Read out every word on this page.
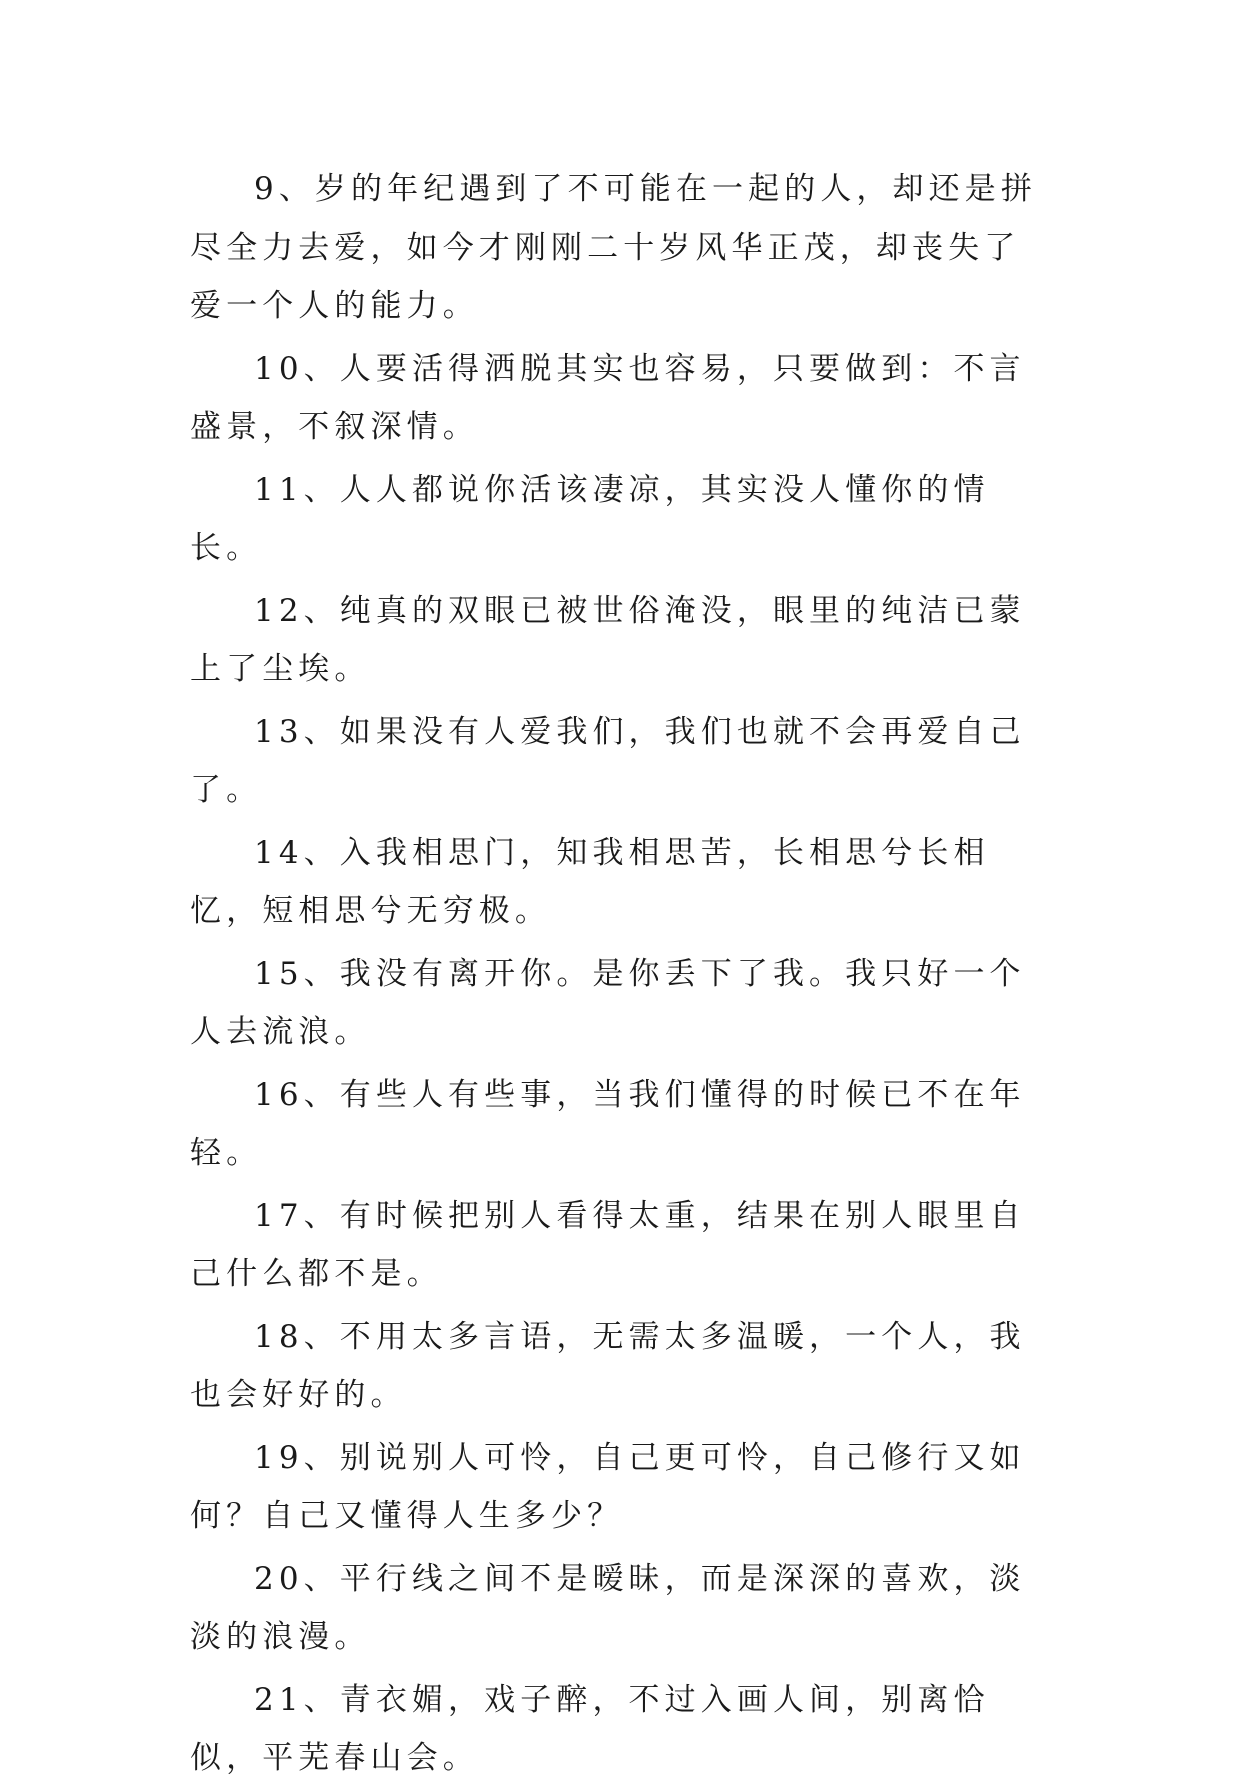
9、岁的年纪遇到了不可能在一起的人，却还是拼尽全力去爱，如今才刚刚二十岁风华正茂，却丧失了爱一个人的能力。

10、人要活得洒脱其实也容易，只要做到：不言盛景，不叙深情。

11、人人都说你活该凄凉，其实没人懂你的情长。

12、纯真的双眼已被世俗淹没，眼里的纯洁已蒙上了尘埃。

13、如果没有人爱我们，我们也就不会再爱自己了。

14、入我相思门，知我相思苦，长相思兮长相忆，短相思兮无穷极。

15、我没有离开你。是你丢下了我。我只好一个人去流浪。

16、有些人有些事，当我们懂得的时候已不在年轻。

17、有时候把别人看得太重，结果在别人眼里自己什么都不是。

18、不用太多言语，无需太多温暖，一个人，我也会好好的。

19、别说别人可怜，自己更可怜，自己修行又如何？自己又懂得人生多少？

20、平行线之间不是暧昧，而是深深的喜欢，淡淡的浪漫。

21、青衣媚，戏子醉，不过入画人间，别离恰似，平芜春山会。
